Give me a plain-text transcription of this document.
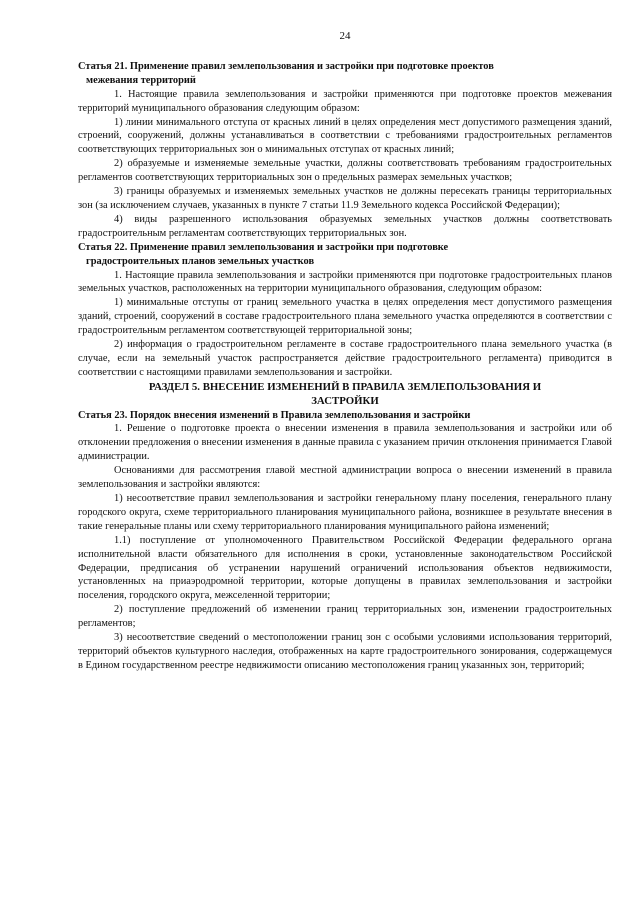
24
Статья 21. Применение правил землепользования и застройки при подготовке проектов
межевания территорий

1. Настоящие правила землепользования и застройки применяются при подготовке проектов межевания территорий муниципального образования следующим образом:

1) линии минимального отступа от красных линий в целях определения мест допустимого размещения зданий, строений, сооружений, должны устанавливаться в соответствии с требованиями градостроительных регламентов соответствующих территориальных зон о минимальных отступах от красных линий;

2) образуемые и изменяемые земельные участки, должны соответствовать требованиям градостроительных регламентов соответствующих территориальных зон о предельных размерах земельных участков;

3) границы образуемых и изменяемых земельных участков не должны пересекать границы территориальных зон (за исключением случаев, указанных в пункте 7 статьи 11.9 Земельного кодекса Российской Федерации);

4) виды разрешенного использования образуемых земельных участков должны соответствовать градостроительным регламентам соответствующих территориальных зон.

Статья 22. Применение правил землепользования и застройки при подготовке
градостроительных планов земельных участков

1. Настоящие правила землепользования и застройки применяются при подготовке градостроительных планов земельных участков, расположенных на территории муниципального образования, следующим образом:

1) минимальные отступы от границ земельного участка в целях определения мест допустимого размещения зданий, строений, сооружений в составе градостроительного плана земельного участка определяются в соответствии с градостроительным регламентом соответствующей территориальной зоны;

2) информация о градостроительном регламенте в составе градостроительного плана земельного участка (в случае, если на земельный участок распространяется действие градостроительного регламента) приводится в соответствии с настоящими правилами землепользования и застройки.

РАЗДЕЛ 5. ВНЕСЕНИЕ ИЗМЕНЕНИЙ В ПРАВИЛА ЗЕМЛЕПОЛЬЗОВАНИЯ И
ЗАСТРОЙКИ
Статья 23. Порядок внесения изменений в Правила землепользования и застройки

1. Решение о подготовке проекта о внесении изменения в правила землепользования и застройки или об отклонении предложения о внесении изменения в данные правила с указанием причин отклонения принимается Главой администрации.

Основаниями для рассмотрения главой местной администрации вопроса о внесении изменений в правила землепользования и застройки являются:

1) несоответствие правил землепользования и застройки генеральному плану поселения, генерального плану городского округа, схеме территориального планирования муниципального района, возникшее в результате внесения в такие генеральные планы или схему территориального планирования муниципального района изменений;

1.1) поступление от уполномоченного Правительством Российской Федерации федерального органа исполнительной власти обязательного для исполнения в сроки, установленные законодательством Российской Федерации, предписания об устранении нарушений ограничений использования объектов недвижимости, установленных на приаэродромной территории, которые допущены в правилах землепользования и застройки поселения, городского округа, межселенной территории;

2) поступление предложений об изменении границ территориальных зон, изменении градостроительных регламентов;

3) несоответствие сведений о местоположении границ зон с особыми условиями использования территорий, территорий объектов культурного наследия, отображенных на карте градостроительного зонирования, содержащемуся в Едином государственном реестре недвижимости описанию местоположения границ указанных зон, территорий;
